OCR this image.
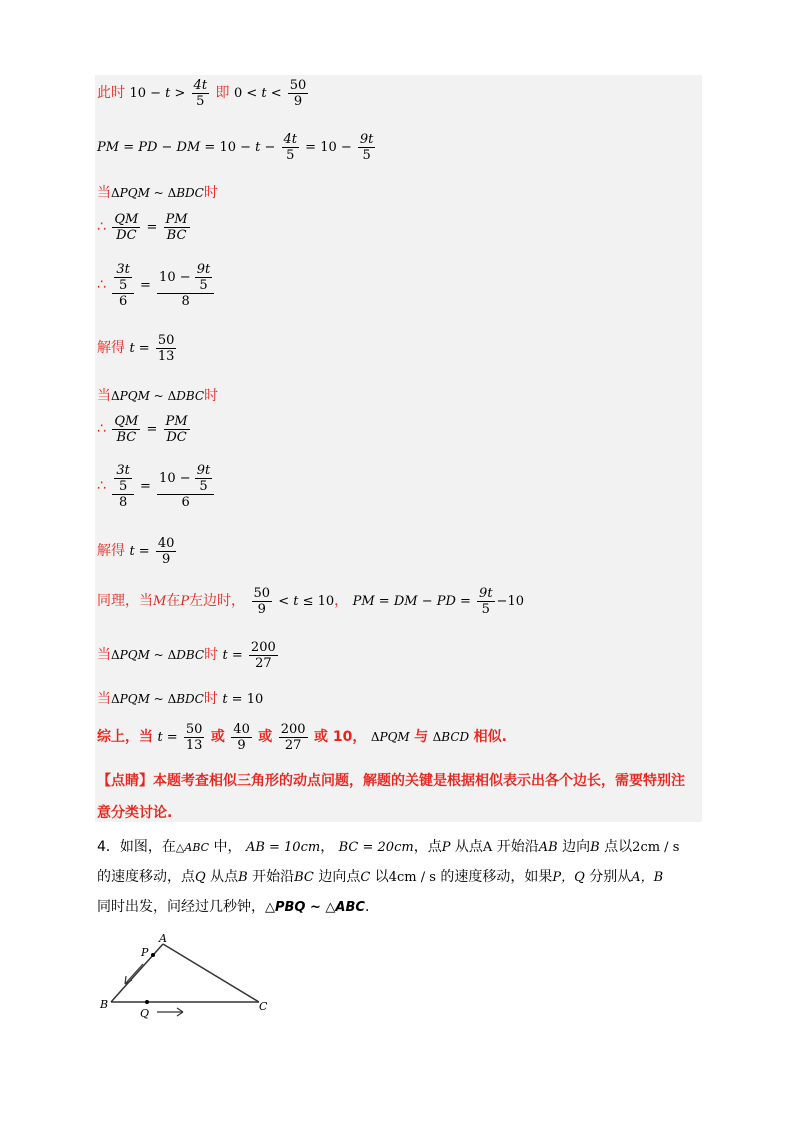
此时 $10 - t > \frac{4t}{5}$ 即 $0 < t < \frac{50}{9}$
PM = PD − DM = $10 - t - \frac{4t}{5} = 10 - \frac{9t}{5}$
当ΔPQM ~ ΔBDC时
∴ $\frac{QM}{DC} = \frac{PM}{BC}$
∴ $\frac{\frac{3t}{5}}{6} = \frac{10 - \frac{9t}{5}}{8}$
解得 $t = \frac{50}{13}$
当ΔPQM ~ ΔDBC时
∴ $\frac{QM}{BC} = \frac{PM}{DC}$
∴ $\frac{\frac{3t}{5}}{8} = \frac{10 - \frac{9t}{5}}{6}$
解得 $t = \frac{40}{9}$
同理，当M在P左边时， $\frac{50}{9} < t \le 10$， PM = DM − PD = $\frac{9t}{5} -10$
当ΔPQM ~ ΔDBC时 $t = \frac{200}{27}$
当ΔPQM ~ ΔBDC时 t = 10
综上，当 $t = \frac{50}{13}$ 或 $\frac{40}{9}$ 或 $\frac{200}{27}$ 或 10， ΔPQM 与 ΔBCD 相似.
【点睛】本题考查相似三角形的动点问题，解题的关键是根据相似表示出各个边长，需要特别注
意分类讨论.
4．如图，在△ABC 中， AB = 10cm， BC = 20cm，点P 从点A 开始沿AB 边向B 点以2cm / s
的速度移动，点Q 从点B 开始沿BC 边向点C 以4cm / s 的速度移动，如果P，Q 分别从A，B
同时出发，问经过几秒钟，△PBQ ~ △ABC.
A
P
B
Q
C
